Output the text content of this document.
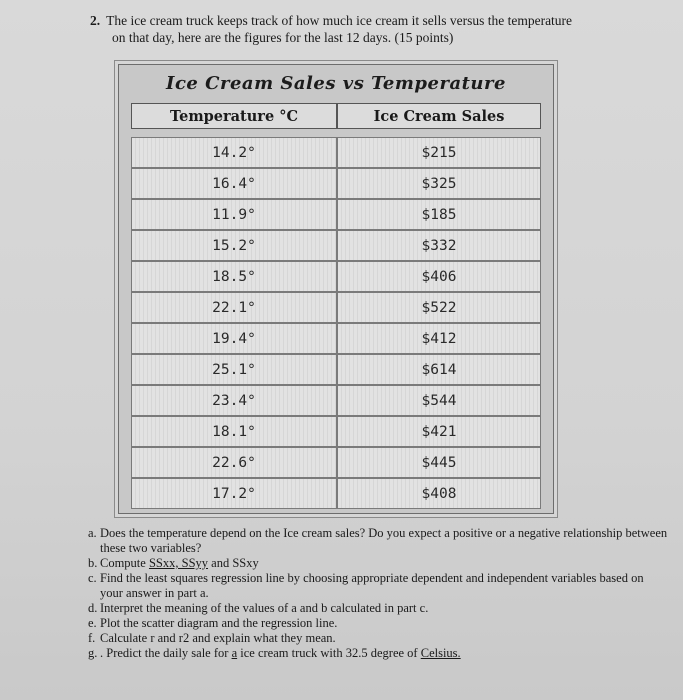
2. The ice cream truck keeps track of how much ice cream it sells versus the temperature
on that day, here are the figures for the last 12 days. (15 points)
Ice Cream Sales vs Temperature
Temperature °C	Ice Cream Sales
14.2°	$215
16.4°	$325
11.9°	$185
15.2°	$332
18.5°	$406
22.1°	$522
19.4°	$412
25.1°	$614
23.4°	$544
18.1°	$421
22.6°	$445
17.2°	$408
a. Does the temperature depend on the Ice cream sales? Do you expect a positive or a negative relationship between these two variables?
b. Compute SSxx, SSyy and SSxy
c. Find the least squares regression line by choosing appropriate dependent and independent variables based on your answer in part a.
d. Interpret the meaning of the values of a and b calculated in part c.
e. Plot the scatter diagram and the regression line.
f. Calculate r and r2 and explain what they mean.
g. . Predict the daily sale for a ice cream truck with 32.5 degree of Celsius.
